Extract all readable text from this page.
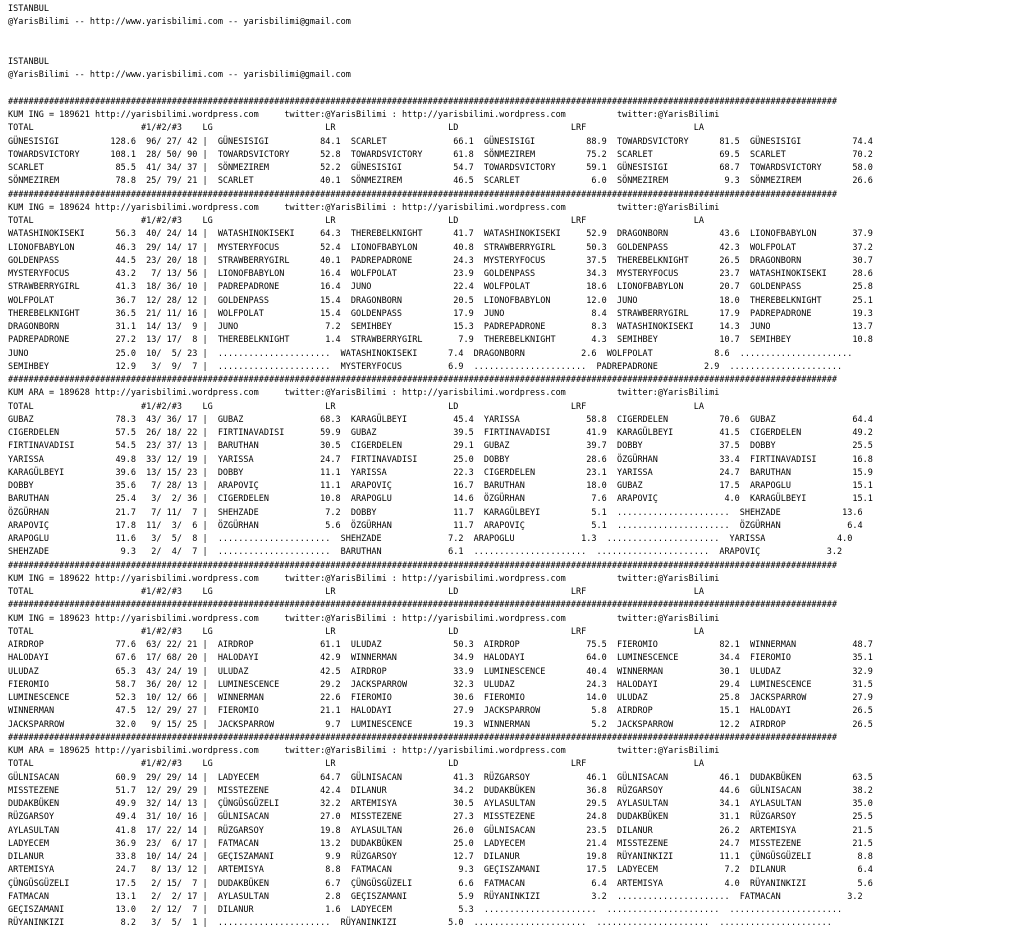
ISTANBUL
@YarisBilimi -- http://www.yarisbilimi.com -- yarisbilimi@gmail.com
ISTANBUL
@YarisBilimi -- http://www.yarisbilimi.com -- yarisbilimi@gmail.com
##################################################################################################################################################################
KUM ING = 189621 http://yarisbilimi.wordpress.com     twitter:@YarisBilimi : http://yarisbilimi.wordpress.com          twitter:@YarisBilimi
TOTAL                     #1/#2/#3    LG                      LR                      LD                      LRF                     LA
GÜNESISIGI          128.6  96/ 27/ 42 |  GÜNESISIGI          84.1  SCARLET             66.1  GÜNESISIGI          88.9  TOWARDSVICTORY      81.5  GÜNESISIGI          74.4
TOWARDSVICTORY      108.1  28/ 50/ 90 |  TOWARDSVICTORY      52.8  TOWARDSVICTORY      61.8  SÖNMEZIREM          75.2  SCARLET             69.5  SCARLET             70.2
SCARLET              85.5  41/ 34/ 37 |  SÖNMEZIREM          52.2  GÜNESISIGI          54.7  TOWARDSVICTORY      59.1  GÜNESISIGI          68.7  TOWARDSVICTORY      58.0
SÖNMEZIREM           78.8  25/ 79/ 21 |  SCARLET             40.1  SÖNMEZIREM          46.5  SCARLET              6.0  SÖNMEZIREM           9.3  SÖNMEZIREM          26.6
##################################################################################################################################################################
KUM ING = 189624 http://yarisbilimi.wordpress.com     twitter:@YarisBilimi : http://yarisbilimi.wordpress.com          twitter:@YarisBilimi
TOTAL                     #1/#2/#3    LG                      LR                      LD                      LRF                     LA
WATASHINOKISEKI      56.3  40/ 24/ 14 |  WATASHINOKISEKI     64.3  THEREBELKNIGHT      41.7  WATASHINOKISEKI     52.9  DRAGONBORN          43.6  LIONOFBABYLON       37.9
LIONOFBABYLON        46.3  29/ 14/ 17 |  MYSTERYFOCUS        52.4  LIONOFBABYLON       40.8  STRAWBERRYGIRL      50.3  GOLDENPASS          42.3  WOLFPOLAT           37.2
GOLDENPASS           44.5  23/ 20/ 18 |  STRAWBERRYGIRL      40.1  PADREPADRONE        24.3  MYSTERYFOCUS        37.5  THEREBELKNIGHT      26.5  DRAGONBORN          30.7
MYSTERYFOCUS         43.2   7/ 13/ 56 |  LIONOFBABYLON       16.4  WOLFPOLAT           23.9  GOLDENPASS          34.3  MYSTERYFOCUS        23.7  WATASHINOKISEKI     28.6
STRAWBERRYGIRL       41.3  18/ 36/ 10 |  PADREPADRONE        16.4  JUNO                22.4  WOLFPOLAT           18.6  LIONOFBABYLON       20.7  GOLDENPASS          25.8
WOLFPOLAT            36.7  12/ 28/ 12 |  GOLDENPASS          15.4  DRAGONBORN          20.5  LIONOFBABYLON       12.0  JUNO                18.0  THEREBELKNIGHT      25.1
THEREBELKNIGHT       36.5  21/ 11/ 16 |  WOLFPOLAT           15.4  GOLDENPASS          17.9  JUNO                 8.4  STRAWBERRYGIRL      17.9  PADREPADRONE        19.3
DRAGONBORN           31.1  14/ 13/  9 |  JUNO                 7.2  SEMIHBEY            15.3  PADREPADRONE         8.3  WATASHINOKISEKI     14.3  JUNO                13.7
PADREPADRONE         27.2  13/ 17/  8 |  THEREBELKNIGHT       1.4  STRAWBERRYGIRL       7.9  THEREBELKNIGHT       4.3  SEMIHBEY            10.7  SEMIHBEY            10.8
JUNO                 25.0  10/  5/ 23 |  ......................  WATASHINOKISEKI      7.4  DRAGONBORN           2.6  WOLFPOLAT            8.6  ......................
SEMIHBEY             12.9   3/  9/  7 |  ......................  MYSTERYFOCUS         6.9  ......................  PADREPADRONE         2.9  ......................
##################################################################################################################################################################
KUM ARA = 189628 http://yarisbilimi.wordpress.com     twitter:@YarisBilimi : http://yarisbilimi.wordpress.com          twitter:@YarisBilimi
TOTAL                     #1/#2/#3    LG                      LR                      LD                      LRF                     LA
GUBAZ                78.3  43/ 36/ 17 |  GUBAZ               68.3  KARAGÜLBEYI         45.4  YARISSA             58.8  CIGERDELEN          70.6  GUBAZ               64.4
CIGERDELEN           57.5  26/ 18/ 22 |  FIRTINAVADISI       59.9  GUBAZ               39.5  FIRTINAVADISI       41.9  KARAGÜLBEYI         41.5  CIGERDELEN          49.2
FIRTINAVADISI        54.5  23/ 37/ 13 |  BARUTHAN            30.5  CIGERDELEN          29.1  GUBAZ               39.7  DOBBY               37.5  DOBBY               25.5
YARISSA              49.8  33/ 12/ 19 |  YARISSA             24.7  FIRTINAVADISI       25.0  DOBBY               28.6  ÖZGÜRHAN            33.4  FIRTINAVADISI       16.8
KARAGÜLBEYI          39.6  13/ 15/ 23 |  DOBBY               11.1  YARISSA             22.3  CIGERDELEN          23.1  YARISSA             24.7  BARUTHAN            15.9
DOBBY                35.6   7/ 28/ 13 |  ARAPOVIÇ            11.1  ARAPOVIÇ            16.7  BARUTHAN            18.0  GUBAZ               17.5  ARAPOGLU            15.1
BARUTHAN             25.4   3/  2/ 36 |  CIGERDELEN          10.8  ARAPOGLU            14.6  ÖZGÜRHAN             7.6  ARAPOVIÇ             4.0  KARAGÜLBEYI         15.1
ÖZGÜRHAN             21.7   7/ 11/  7 |  SHEHZADE             7.2  DOBBY               11.7  KARAGÜLBEYI          5.1  ......................  SHEHZADE            13.6
ARAPOVIÇ             17.8  11/  3/  6 |  ÖZGÜRHAN             5.6  ÖZGÜRHAN            11.7  ARAPOVIÇ             5.1  ......................  ÖZGÜRHAN             6.4
ARAPOGLU             11.6   3/  5/  8 |  ......................  SHEHZADE             7.2  ARAPOGLU             1.3  ......................  YARISSA              4.0
SHEHZADE              9.3   2/  4/  7 |  ......................  BARUTHAN             6.1  ......................  ......................  ARAPOVIÇ             3.2
##################################################################################################################################################################
KUM ING = 189622 http://yarisbilimi.wordpress.com     twitter:@YarisBilimi : http://yarisbilimi.wordpress.com          twitter:@YarisBilimi
TOTAL                     #1/#2/#3    LG                      LR                      LD                      LRF                     LA
##################################################################################################################################################################
KUM ING = 189623 http://yarisbilimi.wordpress.com     twitter:@YarisBilimi : http://yarisbilimi.wordpress.com          twitter:@YarisBilimi
TOTAL                     #1/#2/#3    LG                      LR                      LD                      LRF                     LA
AIRDROP              77.6  63/ 22/ 21 |  AIRDROP             61.1  ULUDAZ              50.3  AIRDROP             75.5  FIEROMIO            82.1  WINNERMAN           48.7
HALODAYI             67.6  17/ 68/ 20 |  HALODAYI            42.9  WINNERMAN           34.9  HALODAYI            64.0  LUMINESCENCE        34.4  FIEROMIO            35.1
ULUDAZ               65.3  43/ 24/ 19 |  ULUDAZ              42.5  AIRDROP             33.9  LUMINESCENCE        40.4  WINNERMAN           30.1  ULUDAZ              32.9
FIEROMIO             58.7  36/ 20/ 12 |  LUMINESCENCE        29.2  JACKSPARROW         32.3  ULUDAZ              24.3  HALODAYI            29.4  LUMINESCENCE        31.5
LUMINESCENCE         52.3  10/ 12/ 66 |  WINNERMAN           22.6  FIEROMIO            30.6  FIEROMIO            14.0  ULUDAZ              25.8  JACKSPARROW         27.9
WINNERMAN            47.5  12/ 29/ 27 |  FIEROMIO            21.1  HALODAYI            27.9  JACKSPARROW          5.8  AIRDROP             15.1  HALODAYI            26.5
JACKSPARROW          32.0   9/ 15/ 25 |  JACKSPARROW          9.7  LUMINESCENCE        19.3  WINNERMAN            5.2  JACKSPARROW         12.2  AIRDROP             26.5
##################################################################################################################################################################
KUM ARA = 189625 http://yarisbilimi.wordpress.com     twitter:@YarisBilimi : http://yarisbilimi.wordpress.com          twitter:@YarisBilimi
TOTAL                     #1/#2/#3    LG                      LR                      LD                      LRF                     LA
GÜLNISACAN           60.9  29/ 29/ 14 |  LADYECEM            64.7  GÜLNISACAN          41.3  RÜZGARSOY           46.1  GÜLNISACAN          46.1  DUDAKBÜKEN          63.5
MISSTEZENE           51.7  12/ 29/ 29 |  MISSTEZENE          42.4  DILANUR             34.2  DUDAKBÜKEN          36.8  RÜZGARSOY           44.6  GÜLNISACAN          38.2
DUDAKBÜKEN           49.9  32/ 14/ 13 |  ÇÜNGÜSGÜZELI        32.2  ARTEMISYA           30.5  AYLASULTAN          29.5  AYLASULTAN          34.1  AYLASULTAN          35.0
RÜZGARSOY            49.4  31/ 10/ 16 |  GÜLNISACAN          27.0  MISSTEZENE          27.3  MISSTEZENE          24.8  DUDAKBÜKEN          31.1  RÜZGARSOY           25.5
AYLASULTAN           41.8  17/ 22/ 14 |  RÜZGARSOY           19.8  AYLASULTAN          26.0  GÜLNISACAN          23.5  DILANUR             26.2  ARTEMISYA           21.5
LADYECEM             36.9  23/  6/ 17 |  FATMACAN            13.2  DUDAKBÜKEN          25.0  LADYECEM            21.4  MISSTEZENE          24.7  MISSTEZENE          21.5
DILANUR              33.8  10/ 14/ 24 |  GEÇISZAMANI          9.9  RÜZGARSOY           12.7  DILANUR             19.8  RÜYANINKIZI         11.1  ÇÜNGÜSGÜZELI         8.8
ARTEMISYA            24.7   8/ 13/ 12 |  ARTEMISYA            8.8  FATMACAN             9.3  GEÇISZAMANI         17.5  LADYECEM             7.2  DILANUR              6.4
ÇÜNGÜSGÜZELI         17.5   2/ 15/  7 |  DUDAKBÜKEN           6.7  ÇÜNGÜSGÜZELI         6.6  FATMACAN             6.4  ARTEMISYA            4.0  RÜYANINKIZI          5.6
FATMACAN             13.1   2/  2/ 17 |  AYLASULTAN           2.8  GEÇISZAMANI          5.9  RÜYANINKIZI          3.2  ......................  FATMACAN             3.2
GEÇISZAMANI          13.0   2/ 12/  7 |  DILANUR              1.6  LADYECEM             5.3  ......................  ......................  ......................
RÜYANINKIZI           8.2   3/  5/  1 |  ......................  RÜYANINKIZI          5.0  ......................  ......................  ......................
